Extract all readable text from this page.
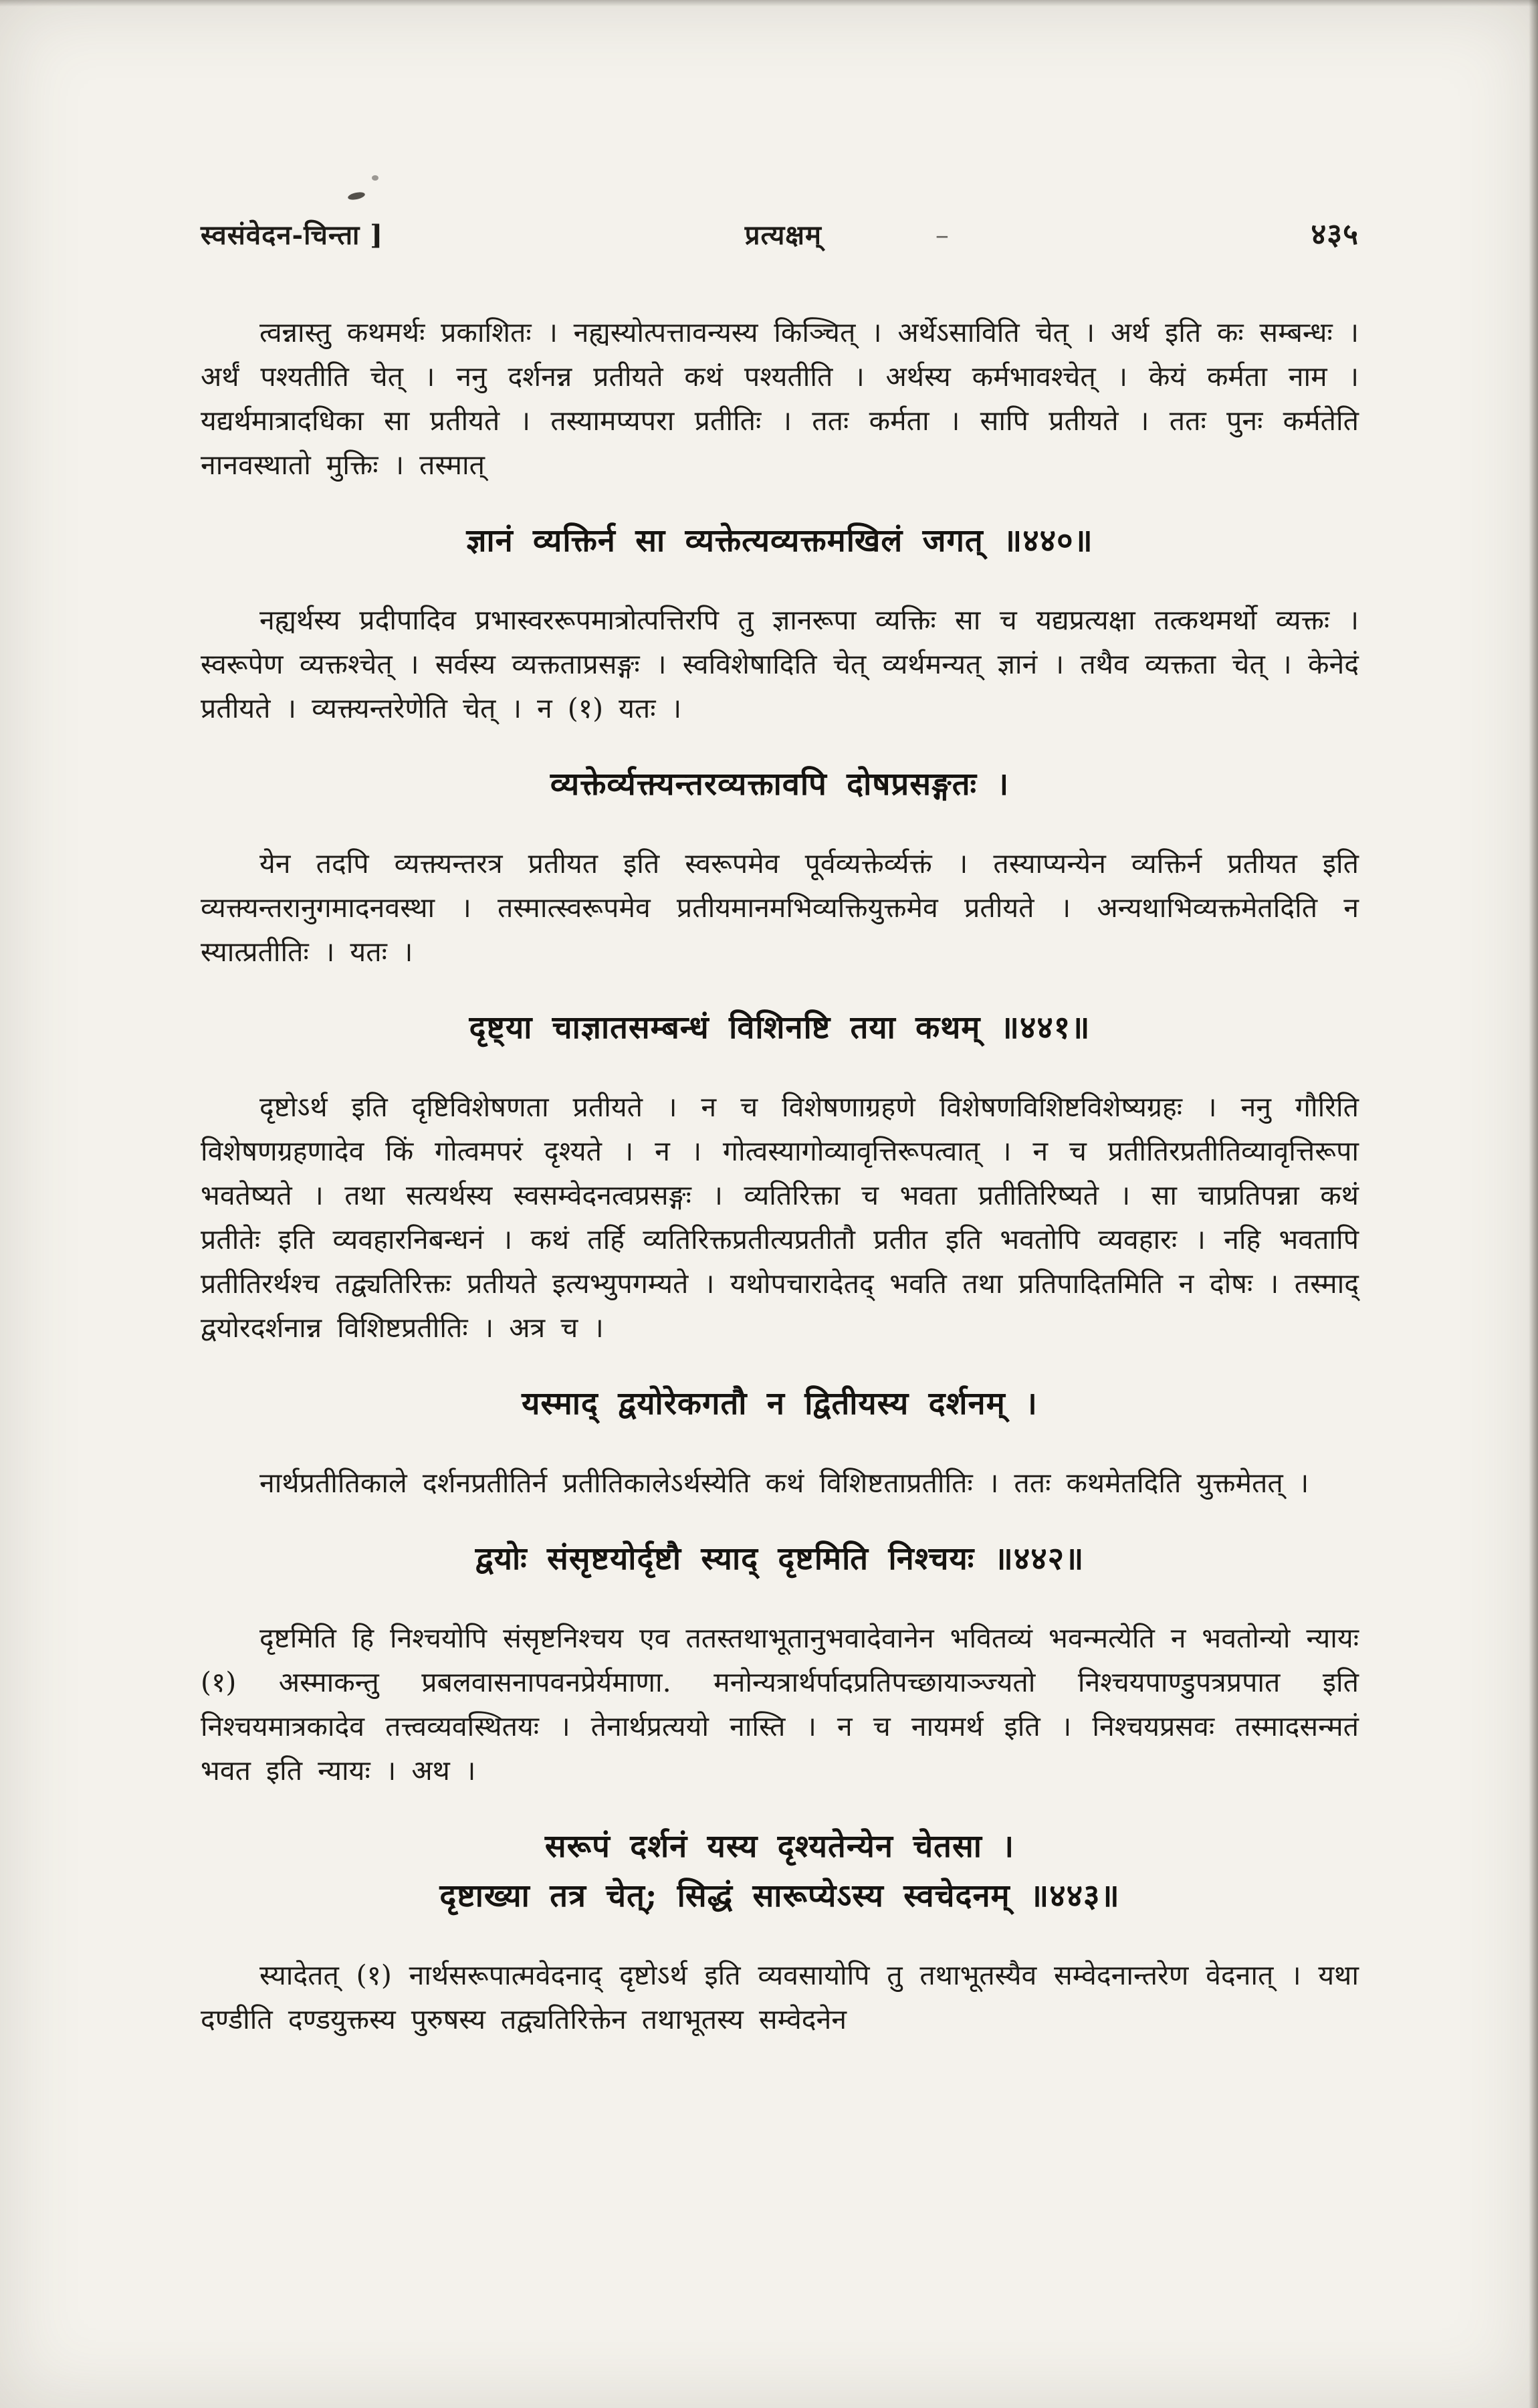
स्वसंवेदन-चिन्ता ]	प्रत्यक्षम्	–	४३५

त्वन्नास्तु कथमर्थः प्रकाशितः । नह्यस्योत्पत्तावन्यस्य किञ्चित् । अर्थेऽसाविति चेत् । अर्थ इति कः सम्बन्धः । अर्थं पश्यतीति चेत् । ननु दर्शनन्न प्रतीयते कथं पश्यतीति । अर्थस्य कर्मभावश्चेत् । केयं कर्मता नाम । यद्यर्थमात्रादधिका सा प्रतीयते । तस्यामप्यपरा प्रतीतिः । ततः कर्मता । सापि प्रतीयते । ततः पुनः कर्मतेति नानवस्थातो मुक्तिः । तस्मात्

ज्ञानं व्यक्तिर्न सा व्यक्तेत्यव्यक्तमखिलं जगत् ॥४४०॥

नह्यर्थस्य प्रदीपादिव प्रभास्वररूपमात्रोत्पत्तिरपि तु ज्ञानरूपा व्यक्तिः सा च यद्यप्रत्यक्षा तत्कथमर्थो व्यक्तः । स्वरूपेण व्यक्तश्चेत् । सर्वस्य व्यक्तताप्रसङ्गः । स्वविशेषादिति चेत् व्यर्थमन्यत् ज्ञानं । तथैव व्यक्तता चेत् । केनेदं प्रतीयते । व्यक्त्यन्तरेणेति चेत् । न (१) यतः ।

व्यक्तेर्व्यक्त्यन्तरव्यक्तावपि दोषप्रसङ्गतः ।

येन तदपि व्यक्त्यन्तरत्र प्रतीयत इति स्वरूपमेव पूर्वव्यक्तेर्व्यक्तं । तस्याप्यन्येन व्यक्तिर्न प्रतीयत इति व्यक्त्यन्तरानुगमादनवस्था । तस्मात्स्वरूपमेव प्रतीयमानमभिव्यक्तियुक्तमेव प्रतीयते । अन्यथाभिव्यक्तमेतदिति न स्यात्प्रतीतिः । यतः ।

दृष्ट्या चाज्ञातसम्बन्धं विशिनष्टि तया कथम् ॥४४१॥

दृष्टोऽर्थ इति दृष्टिविशेषणता प्रतीयते । न च विशेषणाग्रहणे विशेषणविशिष्टविशेष्यग्रहः । ननु गौरिति विशेषणग्रहणादेव किं गोत्वमपरं दृश्यते । न । गोत्वस्यागोव्यावृत्तिरूपत्वात् । न च प्रतीतिरप्रतीतिव्यावृत्तिरूपा भवतेष्यते । तथा सत्यर्थस्य स्वसम्वेदनत्वप्रसङ्गः । व्यतिरिक्ता च भवता प्रतीतिरिष्यते । सा चाप्रतिपन्ना कथं प्रतीतेः इति व्यवहारनिबन्धनं । कथं तर्हि व्यतिरिक्तप्रतीत्यप्रतीतौ प्रतीत इति भवतोपि व्यवहारः । नहि भवतापि प्रतीतिरर्थश्च तद्व्यतिरिक्तः प्रतीयते इत्यभ्युपगम्यते । यथोपचारादेतद् भवति तथा प्रतिपादितमिति न दोषः । तस्माद् द्वयोरदर्शनान्न विशिष्टप्रतीतिः । अत्र च ।

यस्माद् द्वयोरेकगतौ न द्वितीयस्य दर्शनम् ।

नार्थप्रतीतिकाले दर्शनप्रतीतिर्न प्रतीतिकालेऽर्थस्येति कथं विशिष्टताप्रतीतिः । ततः कथमेतदिति युक्तमेतत् ।

द्वयोः संसृष्टयोर्दृष्टौ स्याद् दृष्टमिति निश्चयः ॥४४२॥

दृष्टमिति हि निश्चयोपि संसृष्टनिश्चय एव ततस्तथाभूतानुभवादेवानेन भवितव्यं भवन्मत्येति न भवतोन्यो न्यायः (१) अस्माकन्तु प्रबलवासनापवनप्रेर्यमाणा. मनोन्यत्रार्थर्पादप्रतिपच्छायाञ्ज्यतो निश्चयपाण्डुपत्रप्रपात इति निश्चयमात्रकादेव तत्त्वव्यवस्थितयः । तेनार्थप्रत्ययो नास्ति । न च नायमर्थ इति । निश्चयप्रसवः तस्मादसन्मतं भवत इति न्यायः । अथ ।

सरूपं दर्शनं यस्य दृश्यतेन्येन चेतसा ।
दृष्टाख्या तत्र चेत्; सिद्धं सारूप्येऽस्य स्वचेदनम् ॥४४३॥

स्यादेतत् (१) नार्थसरूपात्मवेदनाद् दृष्टोऽर्थ इति व्यवसायोपि तु तथाभूतस्यैव सम्वेदनान्तरेण वेदनात् । यथा दण्डीति दण्डयुक्तस्य पुरुषस्य तद्व्यतिरिक्तेन तथाभूतस्य सम्वेदनेन
